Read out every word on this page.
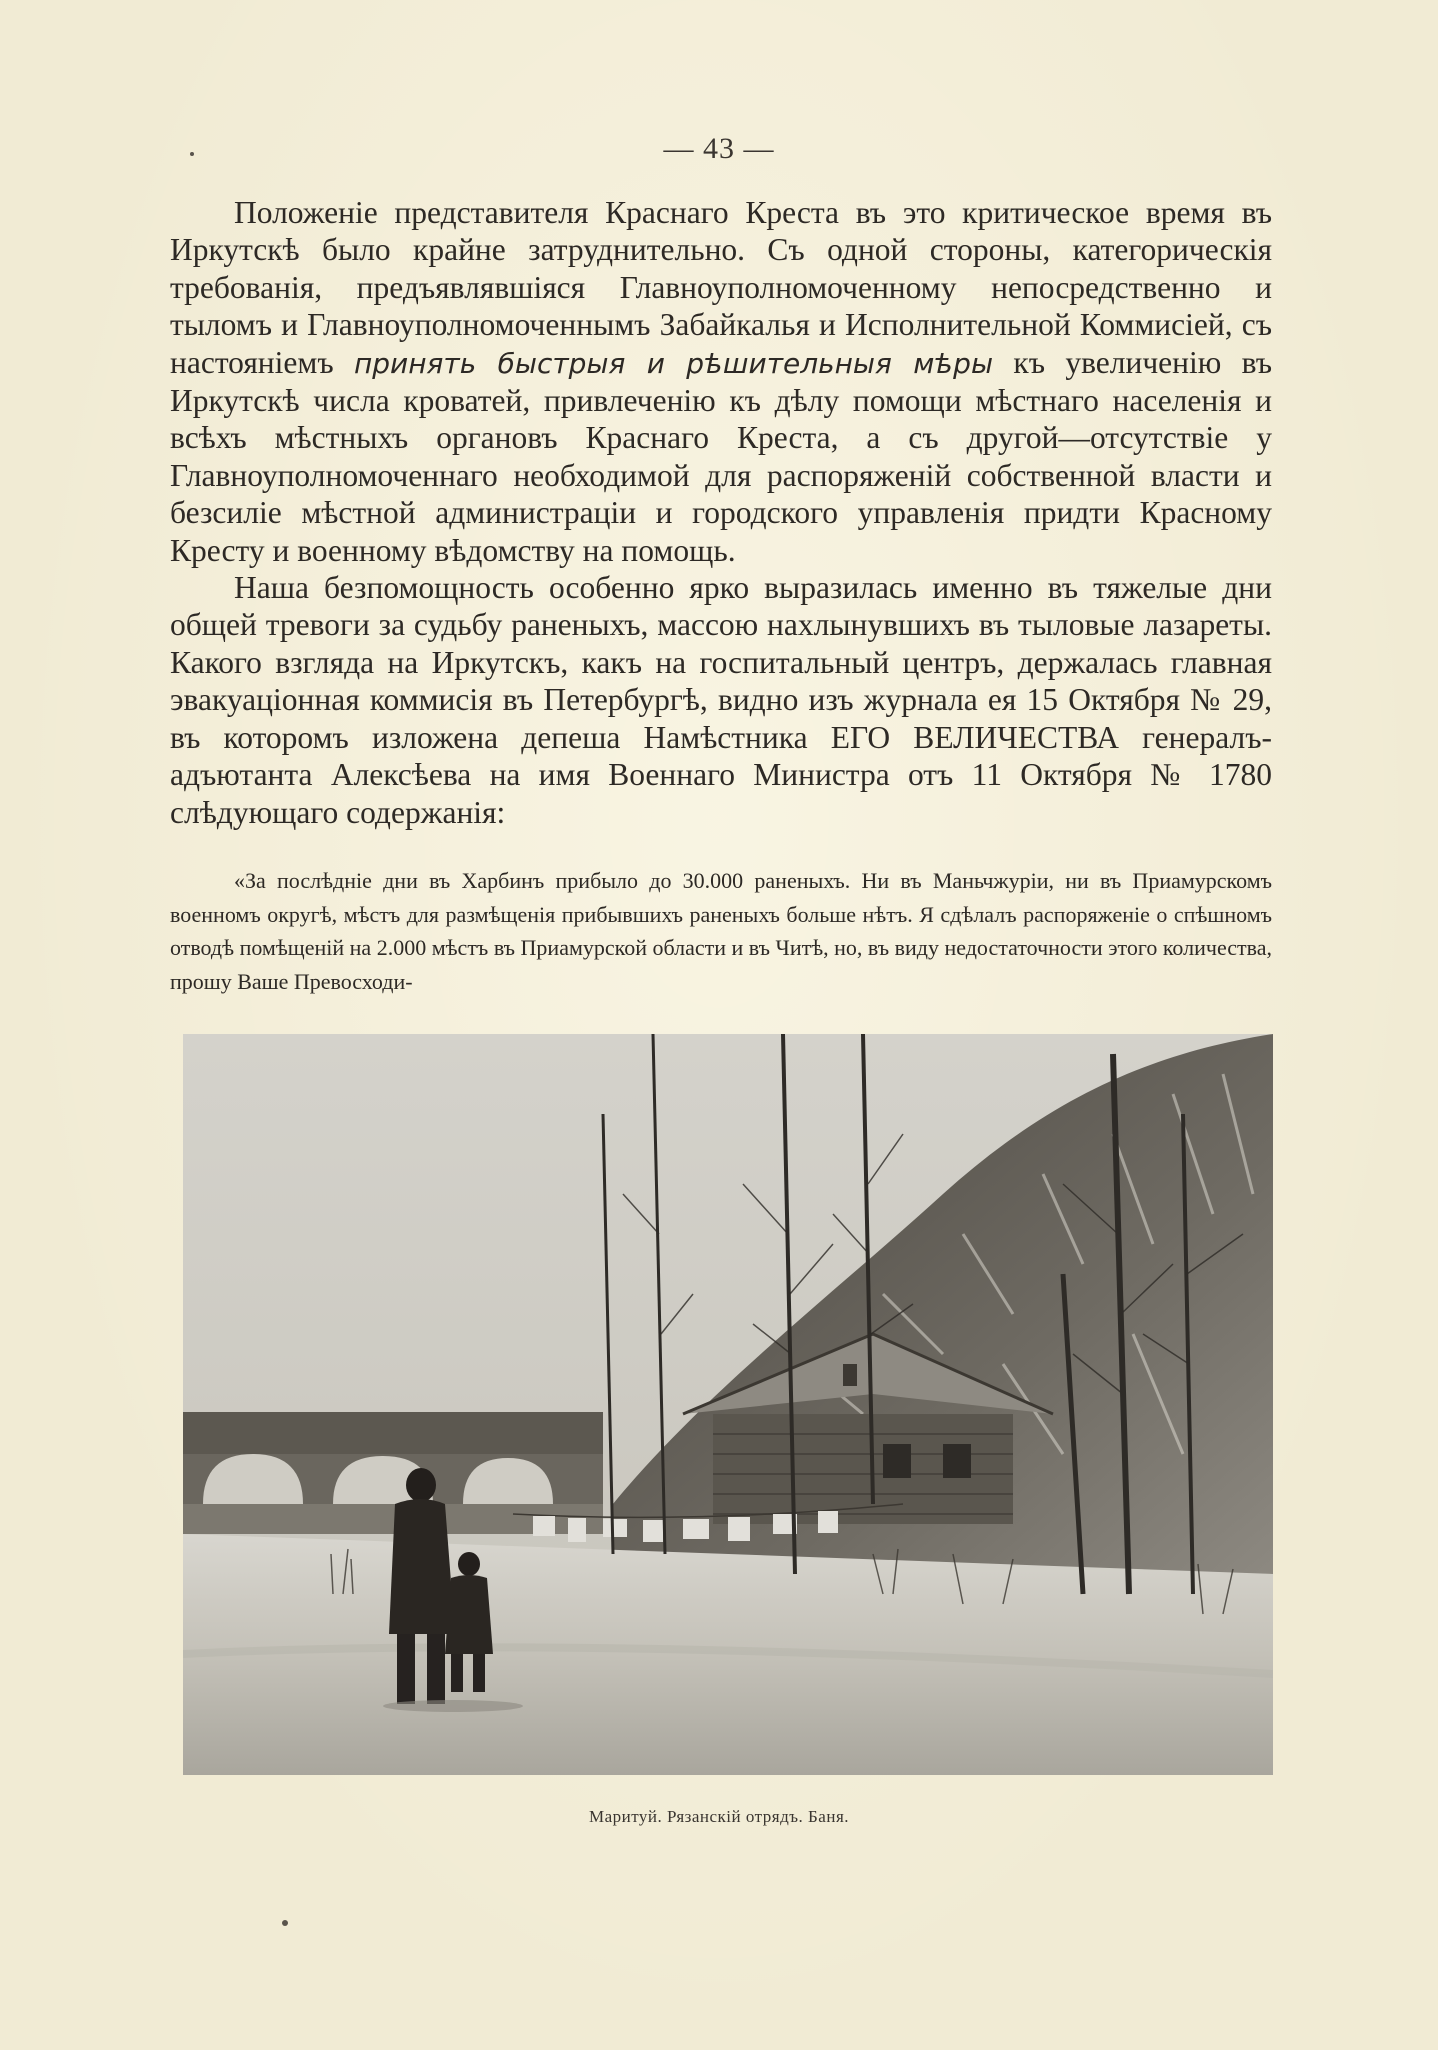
— 43 —

Положеніе представителя Краснаго Креста въ это критическое время въ Иркутскѣ было крайне затруднительно. Съ одной стороны, категорическія требованія, предъявлявшіяся Главноуполномоченному непосредственно и тыломъ и Главноуполномоченнымъ Забайкалья и Исполнительной Коммисіей, съ настояніемъ принять быстрыя и рѣшительныя мѣры къ увеличенію въ Иркутскѣ числа кроватей, привлеченію къ дѣлу помощи мѣстнаго населенія и всѣхъ мѣстныхъ органовъ Краснаго Креста, а съ другой—отсутствіе у Главноуполномоченнаго необходимой для распоряженій собственной власти и безсиліе мѣстной администраціи и городского управленія придти Красному Кресту и военному вѣдомству на помощь.

Наша безпомощность особенно ярко выразилась именно въ тяжелые дни общей тревоги за судьбу раненыхъ, массою нахлынувшихъ въ тыловые лазареты. Какого взгляда на Иркутскъ, какъ на госпитальный центръ, держалась главная эвакуаціонная коммисія въ Петербургѣ, видно изъ журнала ея 15 Октября № 29, въ которомъ изложена депеша Намѣстника ЕГО ВЕЛИЧЕСТВА генералъ-адъютанта Алексѣева на имя Военнаго Министра отъ 11 Октября № 1780 слѣдующаго содержанія:

«За послѣдніе дни въ Харбинъ прибыло до 30.000 раненыхъ. Ни въ Маньчжуріи, ни въ Приамурскомъ военномъ округѣ, мѣстъ для размѣщенія прибывшихъ раненыхъ больше нѣтъ. Я сдѣлалъ распоряженіе о спѣшномъ отводѣ помѣщеній на 2.000 мѣстъ въ Приамурской области и въ Читѣ, но, въ виду недостаточности этого количества, прошу Ваше Превосходи-

Маритуй. Рязанскій отрядъ. Баня.
